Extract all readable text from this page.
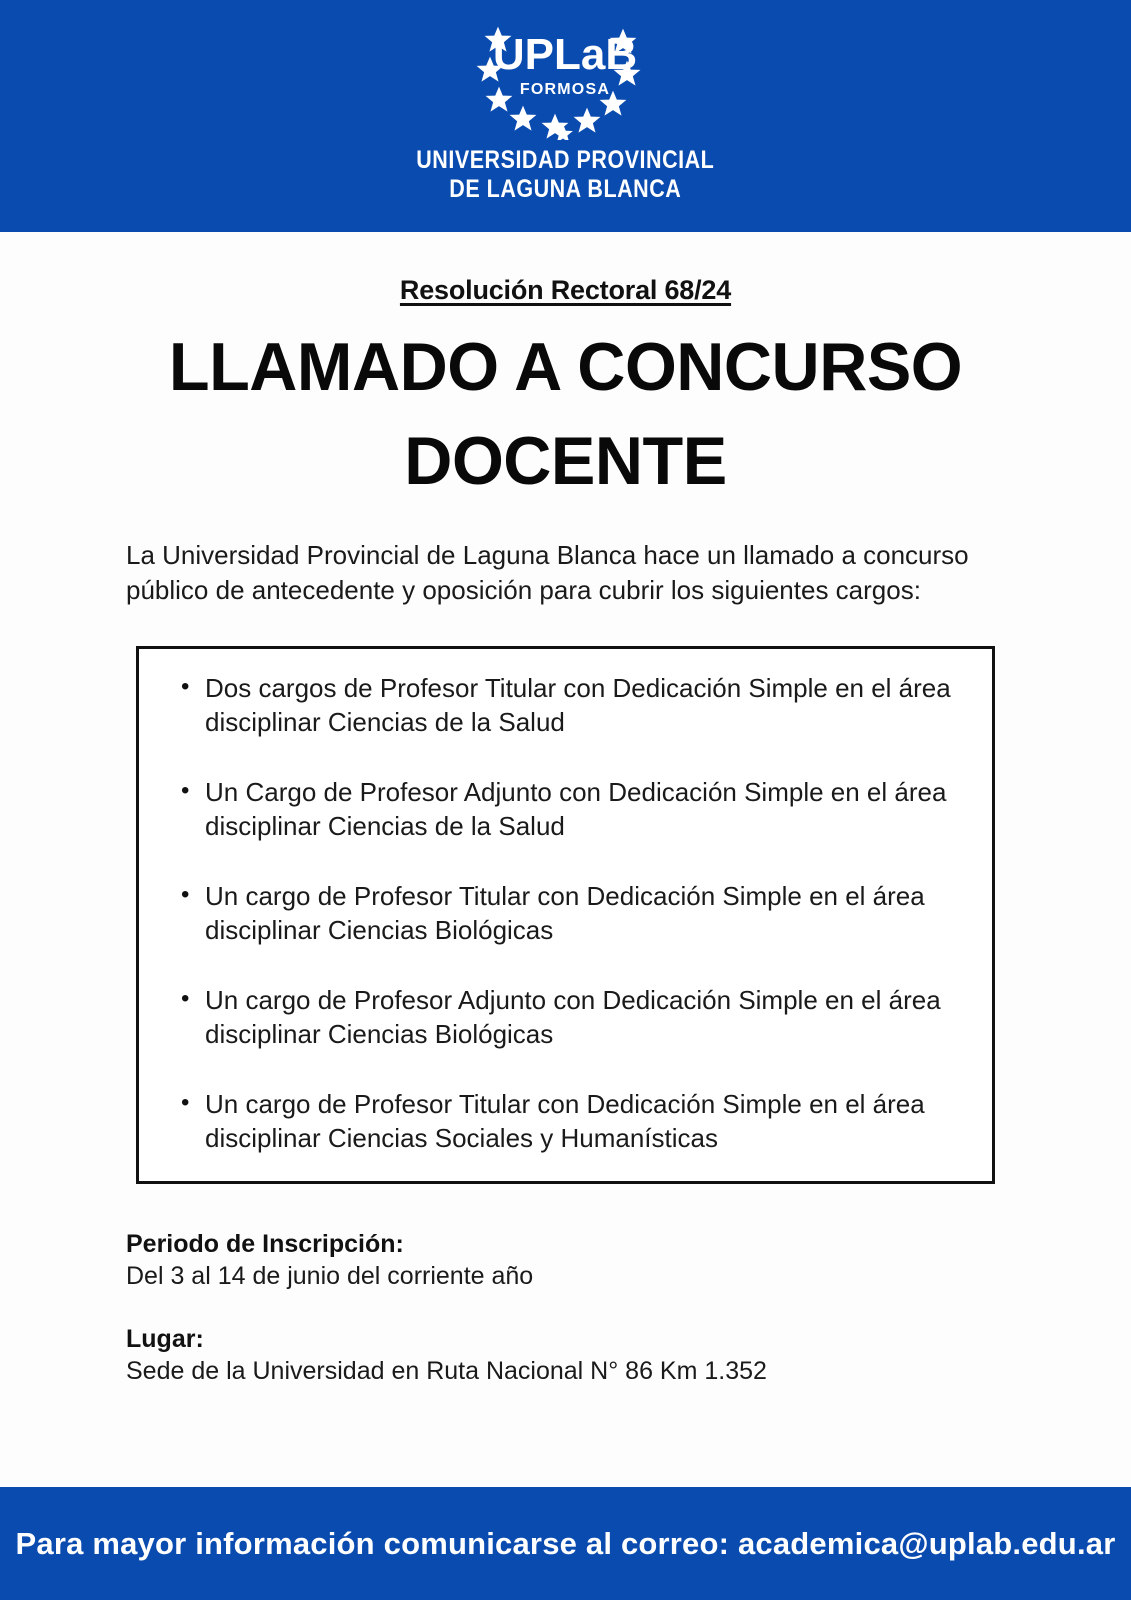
UPLaB
FORMOSA
UNIVERSIDAD PROVINCIAL
DE LAGUNA BLANCA
Resolución Rectoral 68/24
LLAMADO A CONCURSO
DOCENTE

La Universidad Provincial de Laguna Blanca hace un llamado a concurso público de antecedente y oposición para cubrir los siguientes cargos:

• Dos cargos de Profesor Titular con Dedicación Simple en el área disciplinar Ciencias de la Salud
• Un Cargo de Profesor Adjunto con Dedicación Simple en el área disciplinar Ciencias de la Salud
• Un cargo de Profesor Titular con Dedicación Simple en el área disciplinar Ciencias Biológicas
• Un cargo de Profesor Adjunto con Dedicación Simple en el área disciplinar Ciencias Biológicas
• Un cargo de Profesor Titular con Dedicación Simple en el área disciplinar Ciencias Sociales y Humanísticas
Periodo de Inscripción:
Del 3 al 14 de junio del corriente año
Lugar:
Sede de la Universidad en Ruta Nacional N° 86 Km 1.352
Para mayor información comunicarse al correo: academica@uplab.edu.ar
